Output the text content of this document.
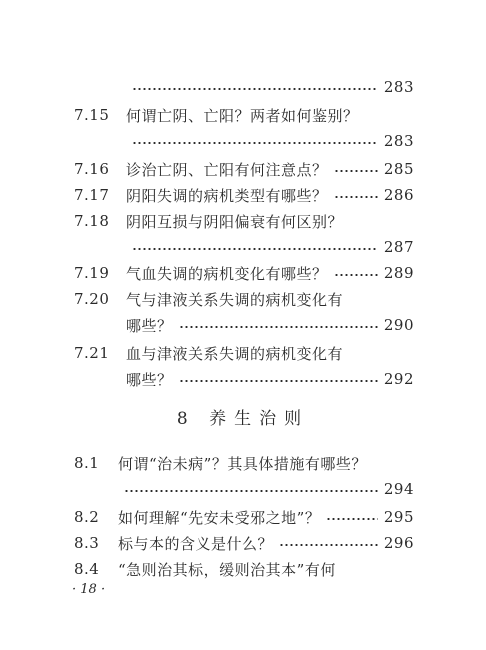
283
7.15	何谓亡阴、亡阳？两者如何鉴别？
283
7.16	诊治亡阴、亡阳有何注意点？	285
7.17	阴阳失调的病机类型有哪些？	286
7.18	阴阳互损与阴阳偏衰有何区别？
287
7.19	气血失调的病机变化有哪些？	289
7.20	气与津液关系失调的病机变化有
哪些？	290
7.21	血与津液关系失调的病机变化有
哪些？	292
8 养生治则
8.1	何谓“治未病”？其具体措施有哪些？
294
8.2	如何理解“先安未受邪之地”？	295
8.3	标与本的含义是什么？	296
8.4	“急则治其标，缓则治其本”有何
· 18 ·
